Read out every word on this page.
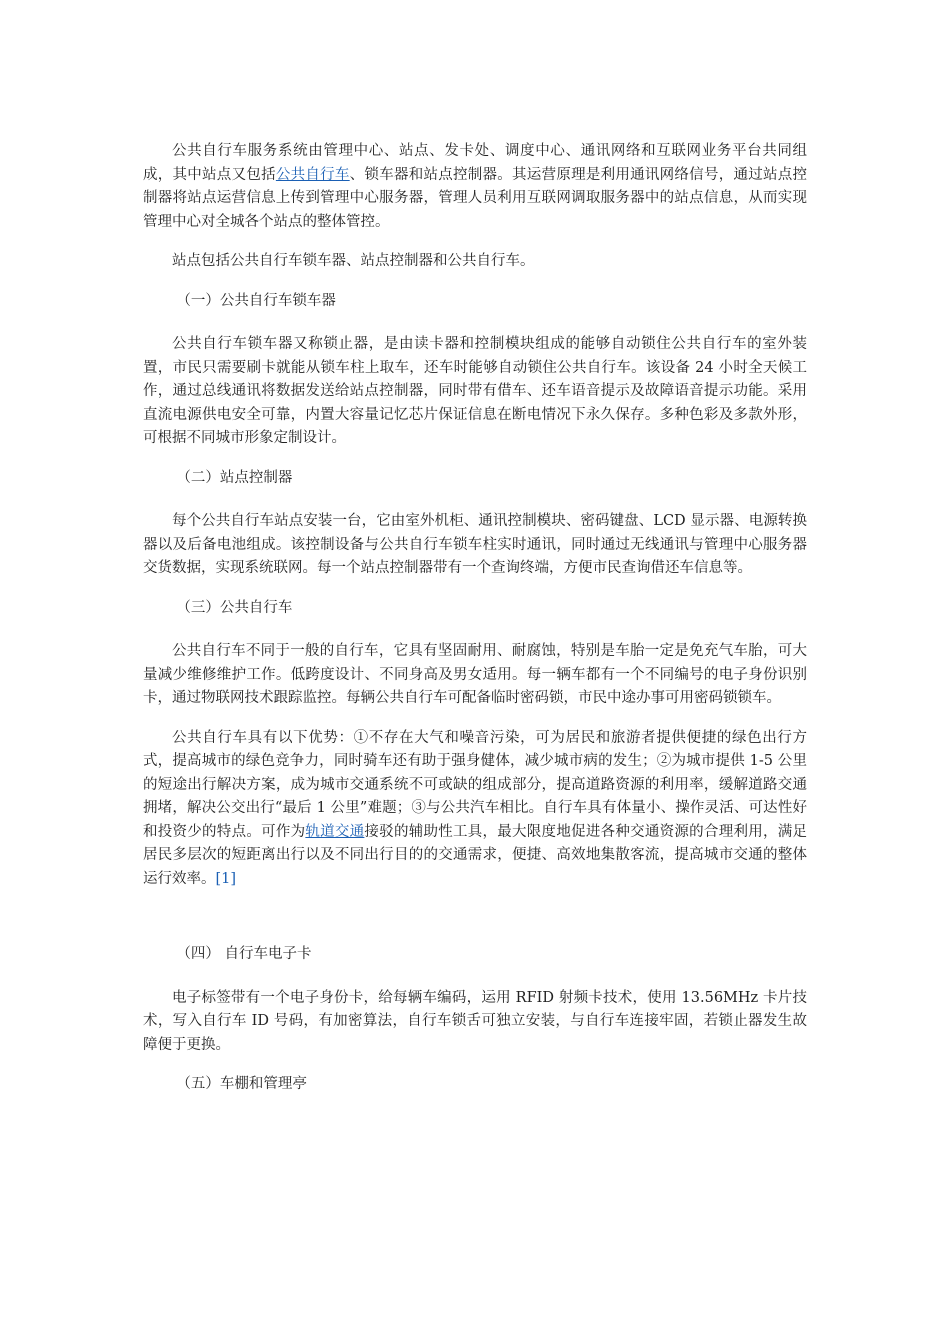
公共自行车服务系统由管理中心、站点、发卡处、调度中心、通讯网络和互联网业务平台共同组成，其中站点又包括公共自行车、锁车器和站点控制器。其运营原理是利用通讯网络信号，通过站点控制器将站点运营信息上传到管理中心服务器，管理人员利用互联网调取服务器中的站点信息，从而实现管理中心对全城各个站点的整体管控。

站点包括公共自行车锁车器、站点控制器和公共自行车。

（一）公共自行车锁车器

公共自行车锁车器又称锁止器，是由读卡器和控制模块组成的能够自动锁住公共自行车的室外装置，市民只需要刷卡就能从锁车柱上取车，还车时能够自动锁住公共自行车。该设备 24 小时全天候工作，通过总线通讯将数据发送给站点控制器，同时带有借车、还车语音提示及故障语音提示功能。采用直流电源供电安全可靠，内置大容量记忆芯片保证信息在断电情况下永久保存。多种色彩及多款外形，可根据不同城市形象定制设计。

（二）站点控制器

每个公共自行车站点安装一台，它由室外机柜、通讯控制模块、密码键盘、LCD 显示器、电源转换器以及后备电池组成。该控制设备与公共自行车锁车柱实时通讯，同时通过无线通讯与管理中心服务器交货数据，实现系统联网。每一个站点控制器带有一个查询终端，方便市民查询借还车信息等。

（三）公共自行车

公共自行车不同于一般的自行车，它具有坚固耐用、耐腐蚀，特别是车胎一定是免充气车胎，可大量减少维修维护工作。低跨度设计、不同身高及男女适用。每一辆车都有一个不同编号的电子身份识别卡，通过物联网技术跟踪监控。每辆公共自行车可配备临时密码锁，市民中途办事可用密码锁锁车。

公共自行车具有以下优势：①不存在大气和噪音污染，可为居民和旅游者提供便捷的绿色出行方式，提高城市的绿色竞争力，同时骑车还有助于强身健体，减少城市病的发生；②为城市提供 1-5 公里的短途出行解决方案，成为城市交通系统不可或缺的组成部分，提高道路资源的利用率，缓解道路交通拥堵，解决公交出行“最后 1 公里”难题；③与公共汽车相比。自行车具有体量小、操作灵活、可达性好和投资少的特点。可作为轨道交通接驳的辅助性工具，最大限度地促进各种交通资源的合理利用，满足居民多层次的短距离出行以及不同出行目的的交通需求，便捷、高效地集散客流，提高城市交通的整体运行效率。[1]

（四） 自行车电子卡

电子标签带有一个电子身份卡，给每辆车编码，运用 RFID 射频卡技术，使用 13.56MHz 卡片技术，写入自行车 ID 号码，有加密算法，自行车锁舌可独立安装，与自行车连接牢固，若锁止器发生故障便于更换。

（五）车棚和管理亭
